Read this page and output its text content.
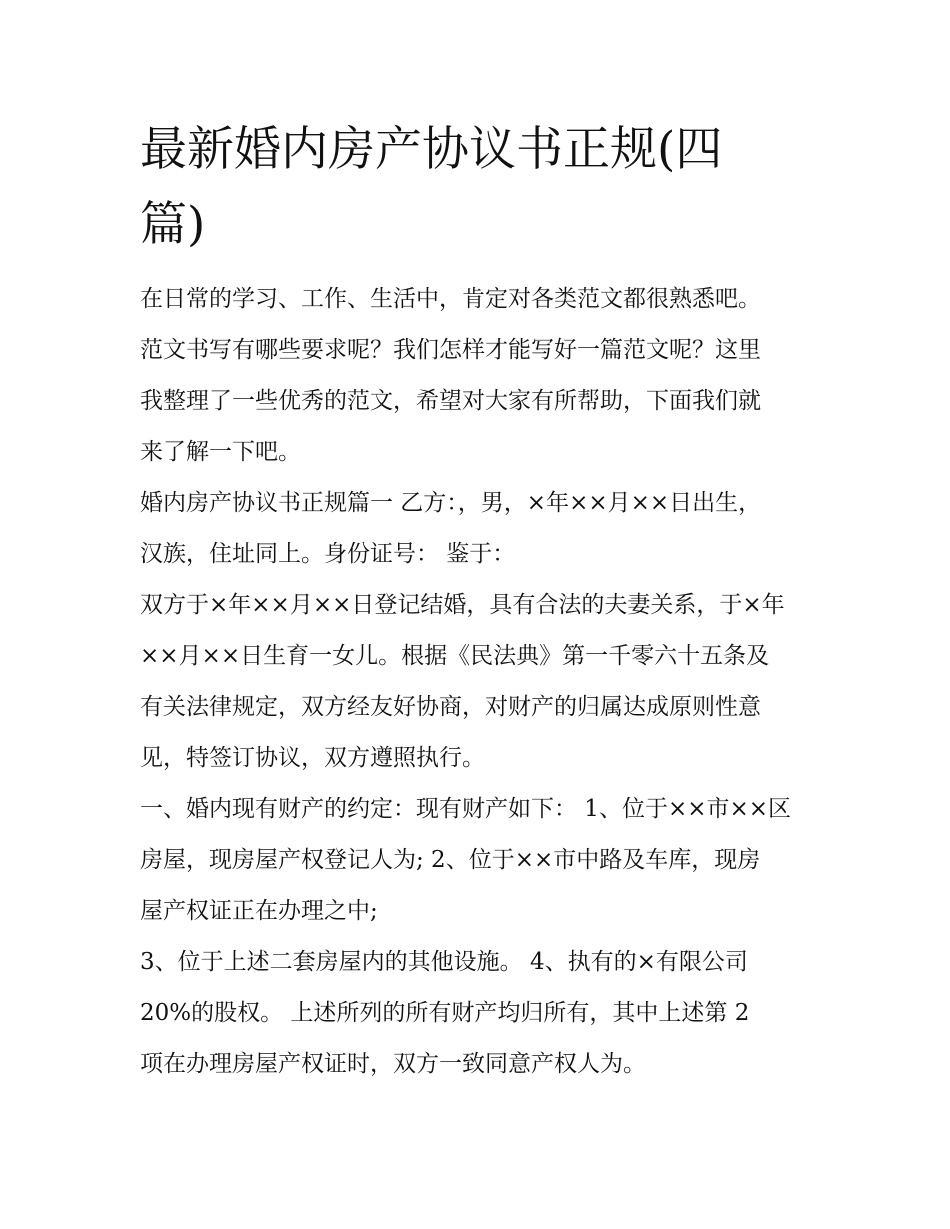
最新婚内房产协议书正规(四
篇)
在日常的学习、工作、生活中，肯定对各类范文都很熟悉吧。
范文书写有哪些要求呢？我们怎样才能写好一篇范文呢？这里
我整理了一些优秀的范文，希望对大家有所帮助，下面我们就
来了解一下吧。
婚内房产协议书正规篇一 乙方：，男，×年××月××日出生，
汉族，住址同上。身份证号： 鉴于：
双方于×年××月××日登记结婚，具有合法的夫妻关系，于×年
××月××日生育一女儿。根据《民法典》第一千零六十五条及
有关法律规定，双方经友好协商，对财产的归属达成原则性意
见，特签订协议，双方遵照执行。
一、婚内现有财产的约定：现有财产如下： 1、位于××市××区
房屋，现房屋产权登记人为; 2、位于××市中路及车库，现房
屋产权证正在办理之中;
3、位于上述二套房屋内的其他设施。 4、执有的×有限公司
20%的股权。 上述所列的所有财产均归所有，其中上述第 2
项在办理房屋产权证时，双方一致同意产权人为。
